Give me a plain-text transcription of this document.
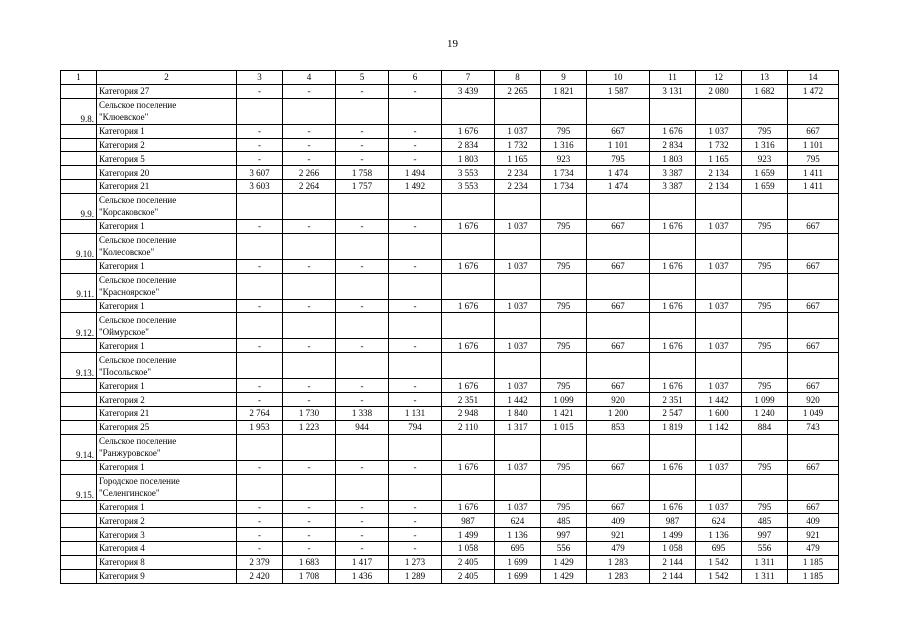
19
1	2	3	4	5	6	7	8	9	10	11	12	13	14
	Категория 27	-	-	-	-	3 439	2 265	1 821	1 587	3 131	2 080	1 682	1 472
9.8.	Сельское поселение
"Клюевское"												

	Категория 1	-	-	-	-	1 676	1 037	795	667	1 676	1 037	795	667
	Категория 2	-	-	-	-	2 834	1 732	1 316	1 101	2 834	1 732	1 316	1 101
	Категория 5	-	-	-	-	1 803	1 165	923	795	1 803	1 165	923	795
	Категория 20	3 607	2 266	1 758	1 494	3 553	2 234	1 734	1 474	3 387	2 134	1 659	1 411
	Категория 21	3 603	2 264	1 757	1 492	3 553	2 234	1 734	1 474	3 387	2 134	1 659	1 411
9.9.	Сельское поселение
"Корсаковское"												

	Категория 1	-	-	-	-	1 676	1 037	795	667	1 676	1 037	795	667
9.10.	Сельское поселение
"Колесовское"												

	Категория 1	-	-	-	-	1 676	1 037	795	667	1 676	1 037	795	667
9.11.	Сельское поселение
"Красноярское"												

	Категория 1	-	-	-	-	1 676	1 037	795	667	1 676	1 037	795	667
9.12.	Сельское поселение
"Оймурское"												

	Категория 1	-	-	-	-	1 676	1 037	795	667	1 676	1 037	795	667
9.13.	Сельское поселение
"Посольское"												

	Категория 1	-	-	-	-	1 676	1 037	795	667	1 676	1 037	795	667
	Категория 2	-	-	-	-	2 351	1 442	1 099	920	2 351	1 442	1 099	920
	Категория 21	2 764	1 730	1 338	1 131	2 948	1 840	1 421	1 200	2 547	1 600	1 240	1 049
	Категория 25	1 953	1 223	944	794	2 110	1 317	1 015	853	1 819	1 142	884	743
9.14.	Сельское поселение
"Ранжуровское"												

	Категория 1	-	-	-	-	1 676	1 037	795	667	1 676	1 037	795	667
9.15.	Городское поселение
"Селенгинское"												

	Категория 1	-	-	-	-	1 676	1 037	795	667	1 676	1 037	795	667
	Категория 2	-	-	-	-	987	624	485	409	987	624	485	409
	Категория 3	-	-	-	-	1 499	1 136	997	921	1 499	1 136	997	921
	Категория 4	-	-	-	-	1 058	695	556	479	1 058	695	556	479
	Категория 8	2 379	1 683	1 417	1 273	2 405	1 699	1 429	1 283	2 144	1 542	1 311	1 185
	Категория 9	2 420	1 708	1 436	1 289	2 405	1 699	1 429	1 283	2 144	1 542	1 311	1 185
